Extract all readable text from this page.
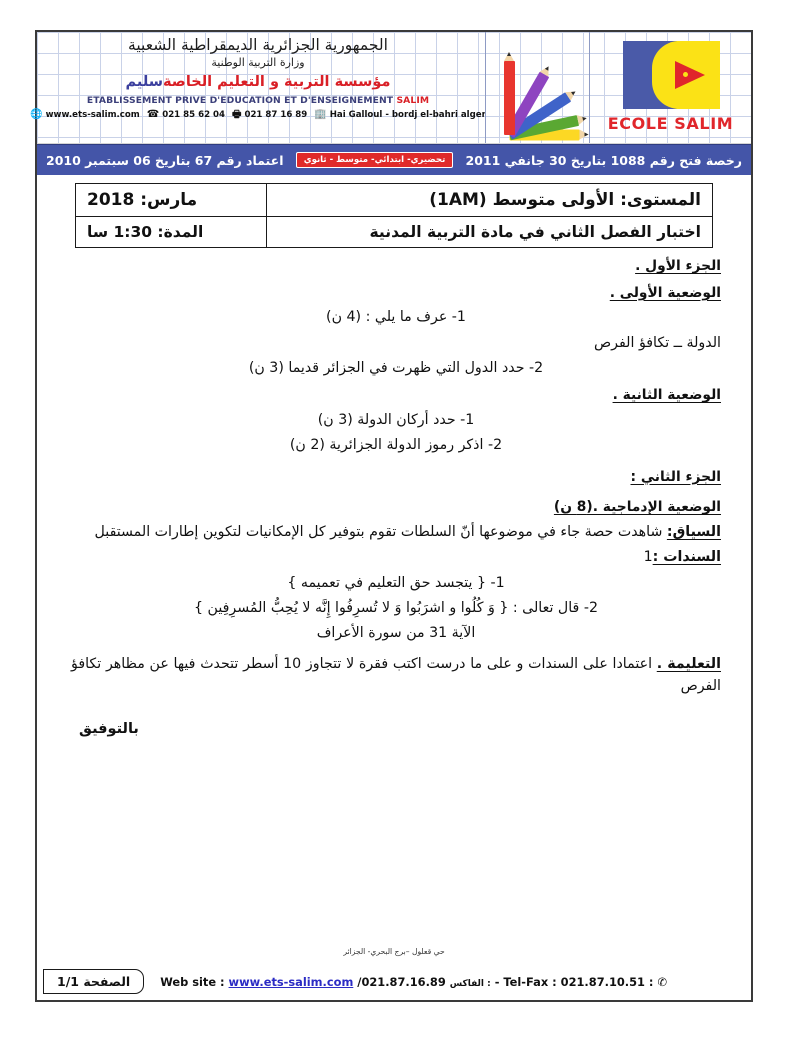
الجمهورية الجزائرية الديمقراطية الشعبية
وزارة التربية الوطنية
مؤسسة التربية و التعليم الخاصةسليم
ETABLISSEMENT PRIVE D'EDUCATION ET D'ENSEIGNEMENT SALIM
🌐 www.ets-salim.com ☎ 021 85 62 04 🖶 021 87 16 89 🏢 Hai Galloul - bordj el-bahri alger	ECOLE SALIM
اعتماد رقم 67 بتاريخ 06 سبتمبر 2010	تحضيري- ابتدائي- متوسط - ثانوي	رخصة فتح رقم 1088 بتاريخ 30 جانفي 2011
المستوى: الأولى متوسط (1AM)	مارس: 2018
اختبار الفصل الثاني في مادة التربية المدنية	المدة: 1:30 سا
الجزء الأول .
الوضعية الأولى .
1- عرف ما يلي : (4 ن)
الدولة ــ تكافؤ الفرص
2- حدد الدول التي ظهرت في الجزائر قديما (3 ن)
الوضعية الثانية .
1- حدد أركان الدولة (3 ن)
2- اذكر رموز الدولة الجزائرية (2 ن)
الجزء الثاني :
الوضعية الإدماجية .(8 ن)
السياق: شاهدت حصة جاء في موضوعها أنّ السلطات تقوم بتوفير كل الإمكانيات لتكوين إطارات المستقبل
السندات :1
1- { يتجسد حق التعليم في تعميمه }
2- قال تعالى : { وَ كُلُوا و اشرَبُوا وَ لا تُسرِفُوا إِنَّه لا يُحِبُّ المُسرِفِين }
الآية 31 من سورة الأعراف
التعليمة . اعتمادا على السندات و على ما درست اكتب فقرة لا تتجاوز 10 أسطر تتحدث فيها عن مظاهر تكافؤ الفرص
بالتوفيق
حي قعلول –برج البحري- الجزائر
الصفحة 1/1	Web site : www.ets-salim.com /021.87.16.89 الفاكس : - Tel-Fax : 021.87.10.51 : ✆
